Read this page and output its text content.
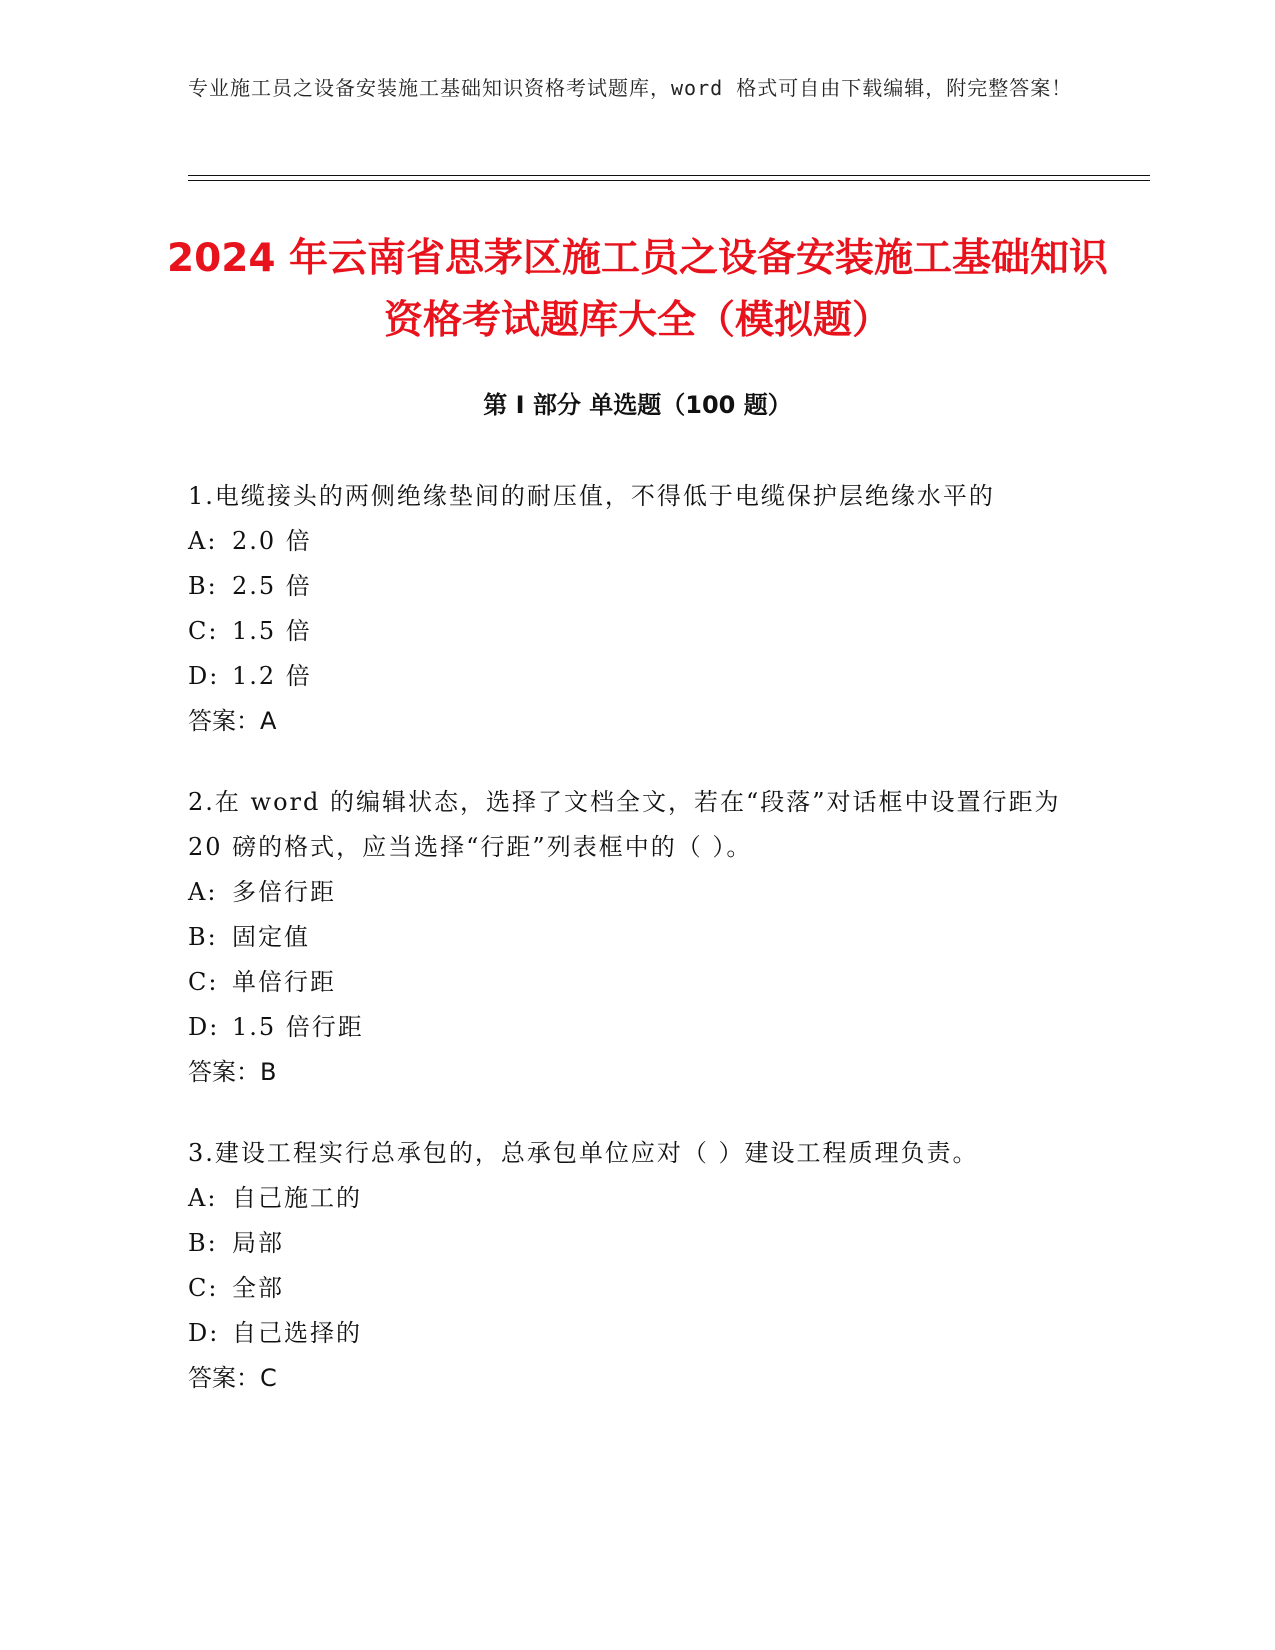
专业施工员之设备安装施工基础知识资格考试题库，word 格式可自由下载编辑，附完整答案！
2024 年云南省思茅区施工员之设备安装施工基础知识资格考试题库大全（模拟题）
第 I 部分 单选题（100 题）

1.电缆接头的两侧绝缘垫间的耐压值，不得低于电缆保护层绝缘水平的

A: 2.0 倍

B: 2.5 倍

C: 1.5 倍

D: 1.2 倍

答案：A

2.在 word 的编辑状态，选择了文档全文，若在“段落”对话框中设置行距为 20 磅的格式，应当选择“行距”列表框中的（ ）。

A: 多倍行距

B: 固定值

C: 单倍行距

D: 1.5 倍行距

答案：B

3.建设工程实行总承包的，总承包单位应对（ ）建设工程质理负责。

A: 自己施工的

B: 局部

C: 全部

D: 自己选择的

答案：C
